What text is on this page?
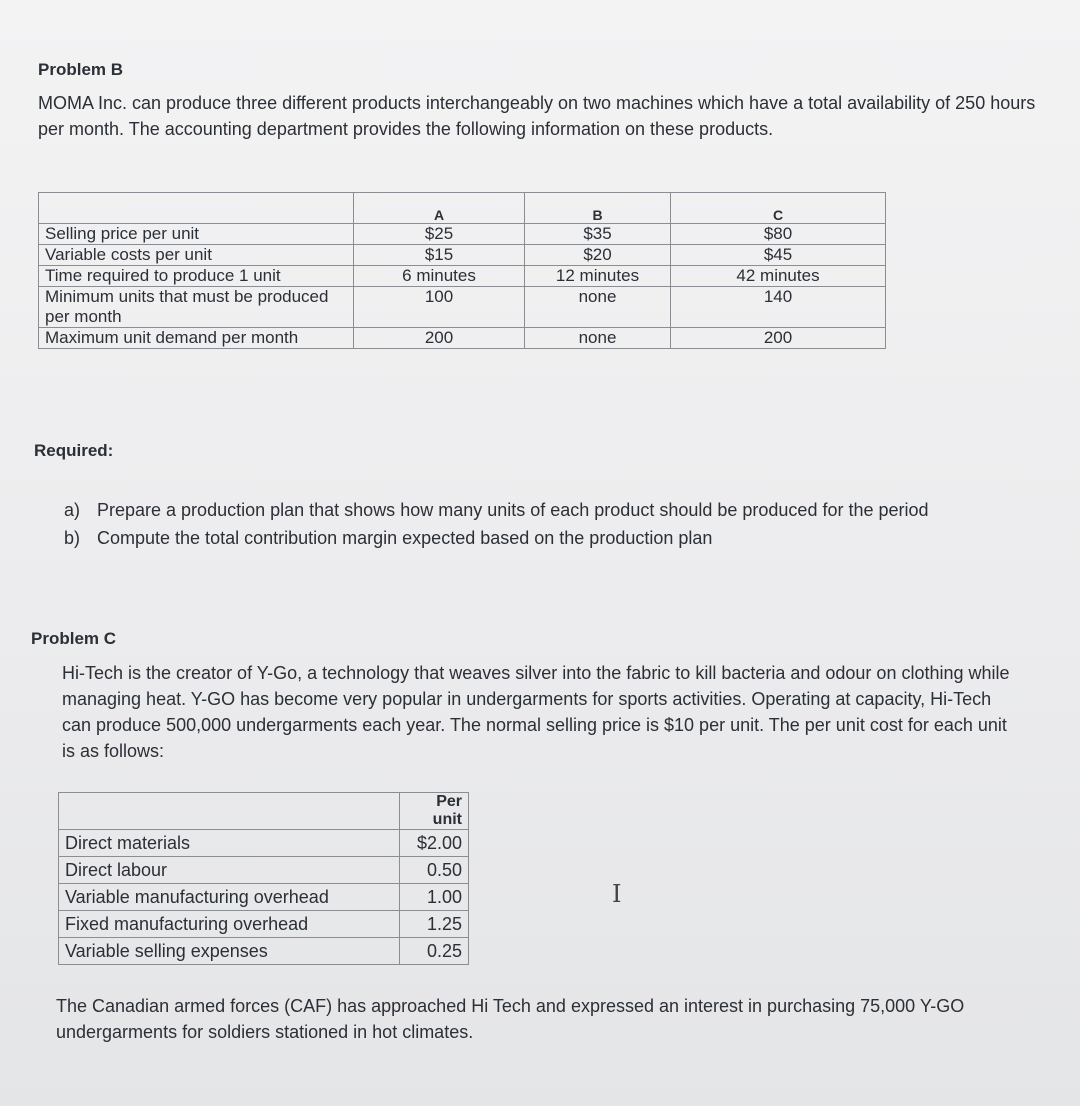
Problem B
MOMA Inc. can produce three different products interchangeably on two machines which have a total availability of 250 hours per month. The accounting department provides the following information on these products.
	A	B	C
Selling price per unit	$25	$35	$80
Variable costs per unit	$15	$20	$45
Time required to produce 1 unit	6 minutes	12 minutes	42 minutes
Minimum units that must be produced per month	100	none	140
Maximum unit demand per month	200	none	200
Required:
a) Prepare a production plan that shows how many units of each product should be produced for the period
b) Compute the total contribution margin expected based on the production plan
Problem C
Hi-Tech is the creator of Y-Go, a technology that weaves silver into the fabric to kill bacteria and odour on clothing while managing heat. Y-GO has become very popular in undergarments for sports activities. Operating at capacity, Hi-Tech can produce 500,000 undergarments each year. The normal selling price is $10 per unit. The per unit cost for each unit is as follows:
	Per unit
Direct materials	$2.00
Direct labour	0.50
Variable manufacturing overhead	1.00
Fixed manufacturing overhead	1.25
Variable selling expenses	0.25
I
The Canadian armed forces (CAF) has approached Hi Tech and expressed an interest in purchasing 75,000 Y-GO undergarments for soldiers stationed in hot climates.
